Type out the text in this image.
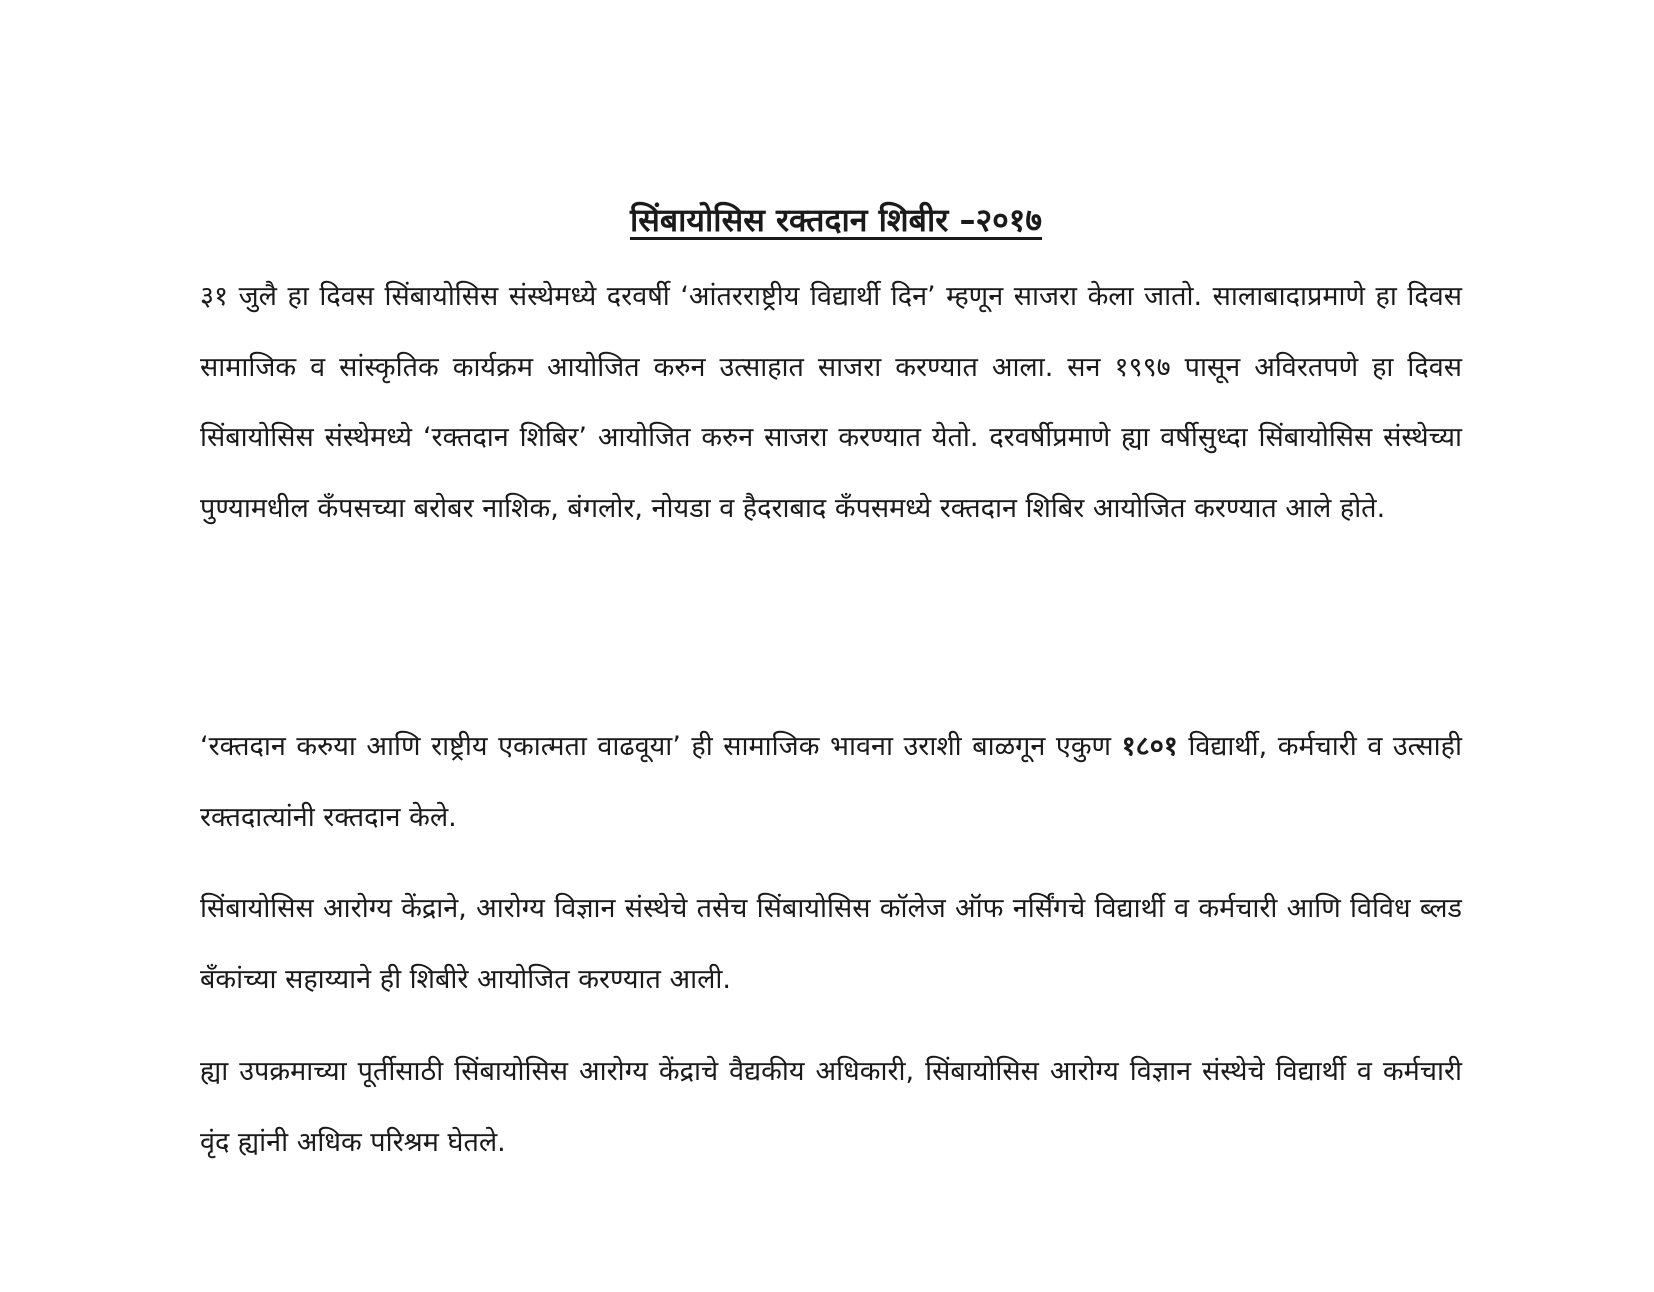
सिंबायोसिस रक्तदान शिबीर –२०१७

३१ जुलै हा दिवस सिंबायोसिस संस्थेमध्ये दरवर्षी ‘आंतरराष्ट्रीय विद्यार्थी दिन’ म्हणून साजरा केला जातो. सालाबादाप्रमाणे हा दिवस सामाजिक व सांस्कृतिक कार्यक्रम आयोजित करुन उत्साहात साजरा करण्यात आला. सन १९९७ पासून अविरतपणे हा दिवस सिंबायोसिस संस्थेमध्ये ‘रक्तदान शिबिर’ आयोजित करुन साजरा करण्यात येतो. दरवर्षीप्रमाणे ह्या वर्षीसुध्दा सिंबायोसिस संस्थेच्या पुण्यामधील कॅंपसच्या बरोबर नाशिक, बंगलोर, नोयडा व हैदराबाद कॅंपसमध्ये रक्तदान शिबिर आयोजित करण्यात आले होते.

‘रक्तदान करुया आणि राष्ट्रीय एकात्मता वाढवूया’ ही सामाजिक भावना उराशी बाळगून एकुण १८०१ विद्यार्थी, कर्मचारी व उत्साही रक्तदात्यांनी रक्तदान केले.

सिंबायोसिस आरोग्य केंद्राने, आरोग्य विज्ञान संस्थेचे तसेच सिंबायोसिस कॉलेज ऑफ नर्सिंगचे विद्यार्थी व कर्मचारी आणि विविध ब्लड बँकांच्या सहाय्याने ही शिबीरे आयोजित करण्यात आली.

ह्या उपक्रमाच्या पूर्तीसाठी सिंबायोसिस आरोग्य केंद्राचे वैद्यकीय अधिकारी, सिंबायोसिस आरोग्य विज्ञान संस्थेचे विद्यार्थी व कर्मचारी वृंद ह्यांनी अधिक परिश्रम घेतले.
